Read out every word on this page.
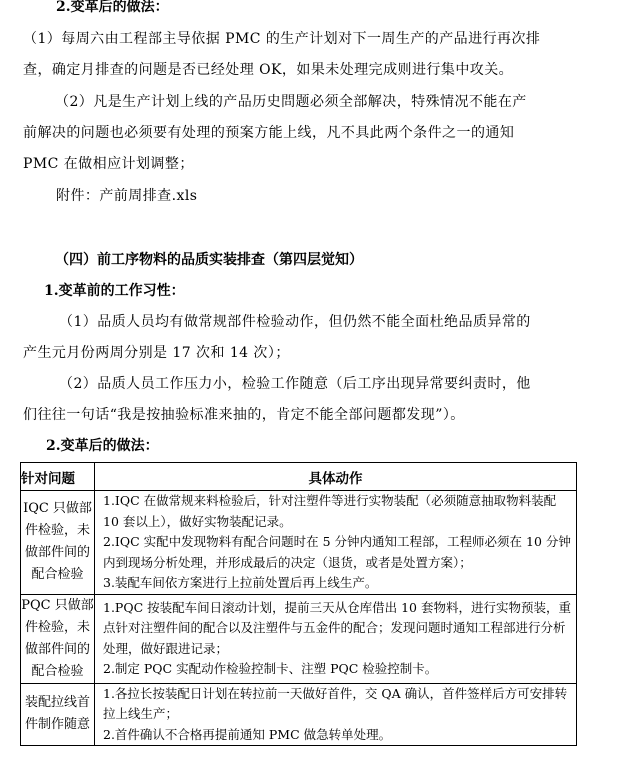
2.变革后的做法：
（1）每周六由工程部主导依据 PMC 的生产计划对下一周生产的产品进行再次排
查，确定月排查的问题是否已经处理 OK，如果未处理完成则进行集中攻关。
（2）凡是生产计划上线的产品历史問题必须全部解决，特殊情况不能在产
前解决的问题也必须要有处理的预案方能上线，凡不具此两个条件之一的通知
PMC 在做相应计划调整；
附件：产前周排查.xls
（四）前工序物料的品质实装排查（第四层觉知）
1.变革前的工作习性：
（1）品质人员均有做常规部件检验动作，但仍然不能全面杜绝品质异常的
产生元月份两周分别是 17 次和 14 次）；
（2）品质人员工作压力小，检验工作随意（后工序出现异常要纠责时，他
们往往一句话“我是按抽验标准来抽的，肯定不能全部问题都发现”）。
2.变革后的做法：
针对问题	具体动作
IQC 只做部件检验，未做部件间的配合检验	1.IQC 在做常规来料检验后，针对注塑件等进行实物装配（必须随意抽取物料装配 10 套以上），做好实物装配记录。
2.IQC 实配中发现物料有配合问题时在 5 分钟内通知工程部，工程师必须在 10 分钟内到现场分析处理，并形成最后的决定（退货，或者是处置方案）；
3.装配车间依方案进行上拉前处置后再上线生产。

PQC 只做部件检验，未做部件间的配合检验	1.PQC 按装配车间日滚动计划，提前三天从仓库借出 10 套物料，进行实物预装，重点针对注塑件间的配合以及注塑件与五金件的配合；发现问题时通知工程部进行分析处理，做好跟进记录；
2.制定 PQC 实配动作检验控制卡、注塑 PQC 检验控制卡。

装配拉线首件制作随意	1.各拉长按装配日计划在转拉前一天做好首件，交 QA 确认，首件签样后方可安排转拉上线生产；
2.首件确认不合格再提前通知 PMC 做急转单处理。
